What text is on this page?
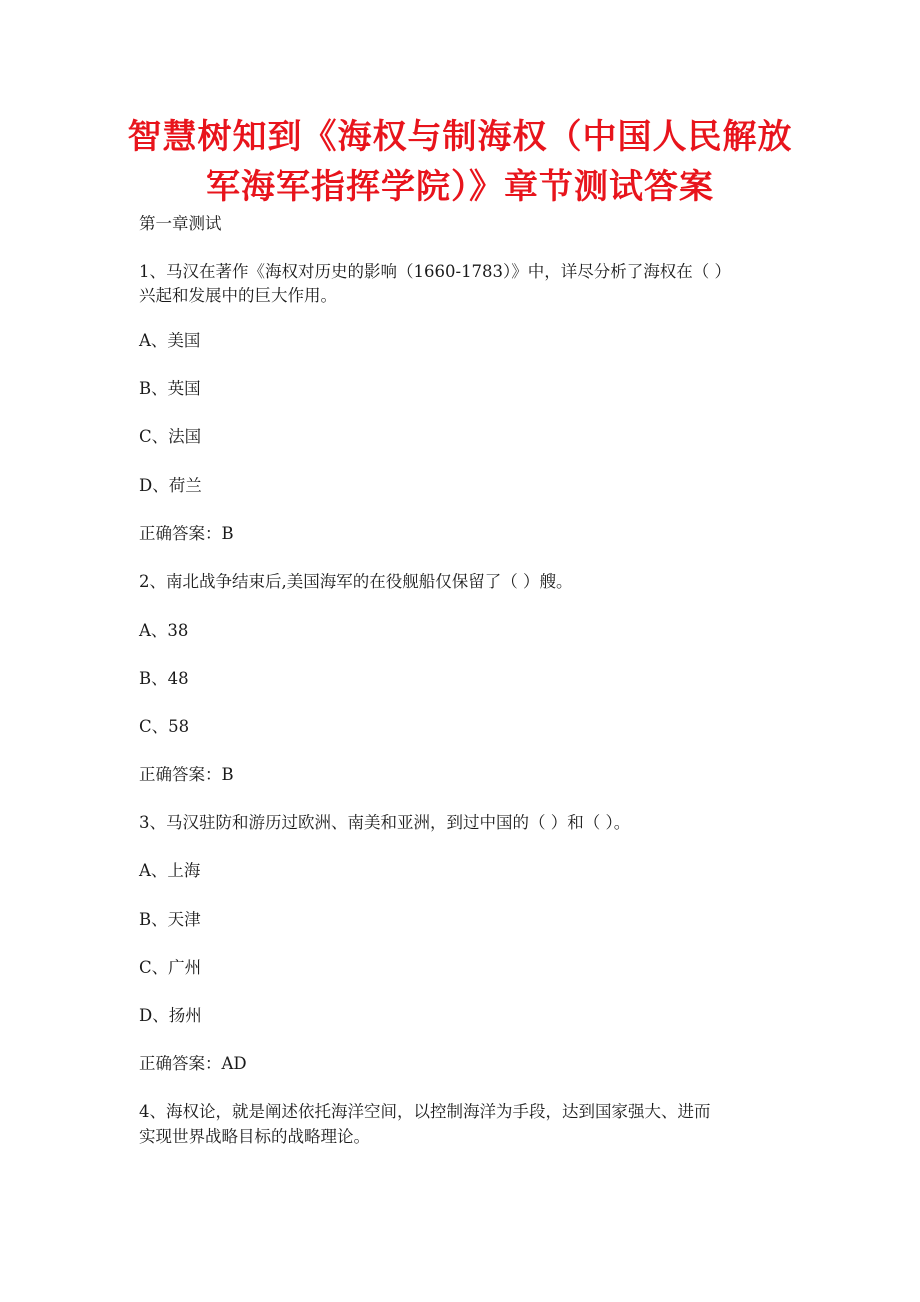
智慧树知到《海权与制海权（中国人民解放军海军指挥学院）》章节测试答案
第一章测试
1、马汉在著作《海权对历史的影响（1660-1783）》中，详尽分析了海权在（ ）
兴起和发展中的巨大作用。
A、美国
B、英国
C、法国
D、荷兰
正确答案：B
2、南北战争结束后,美国海军的在役舰船仅保留了（ ）艘。
A、38
B、48
C、58
正确答案：B
3、马汉驻防和游历过欧洲、南美和亚洲，到过中国的（ ）和（ ）。
A、上海
B、天津
C、广州
D、扬州
正确答案：AD
4、海权论，就是阐述依托海洋空间，以控制海洋为手段，达到国家强大、进而
实现世界战略目标的战略理论。
